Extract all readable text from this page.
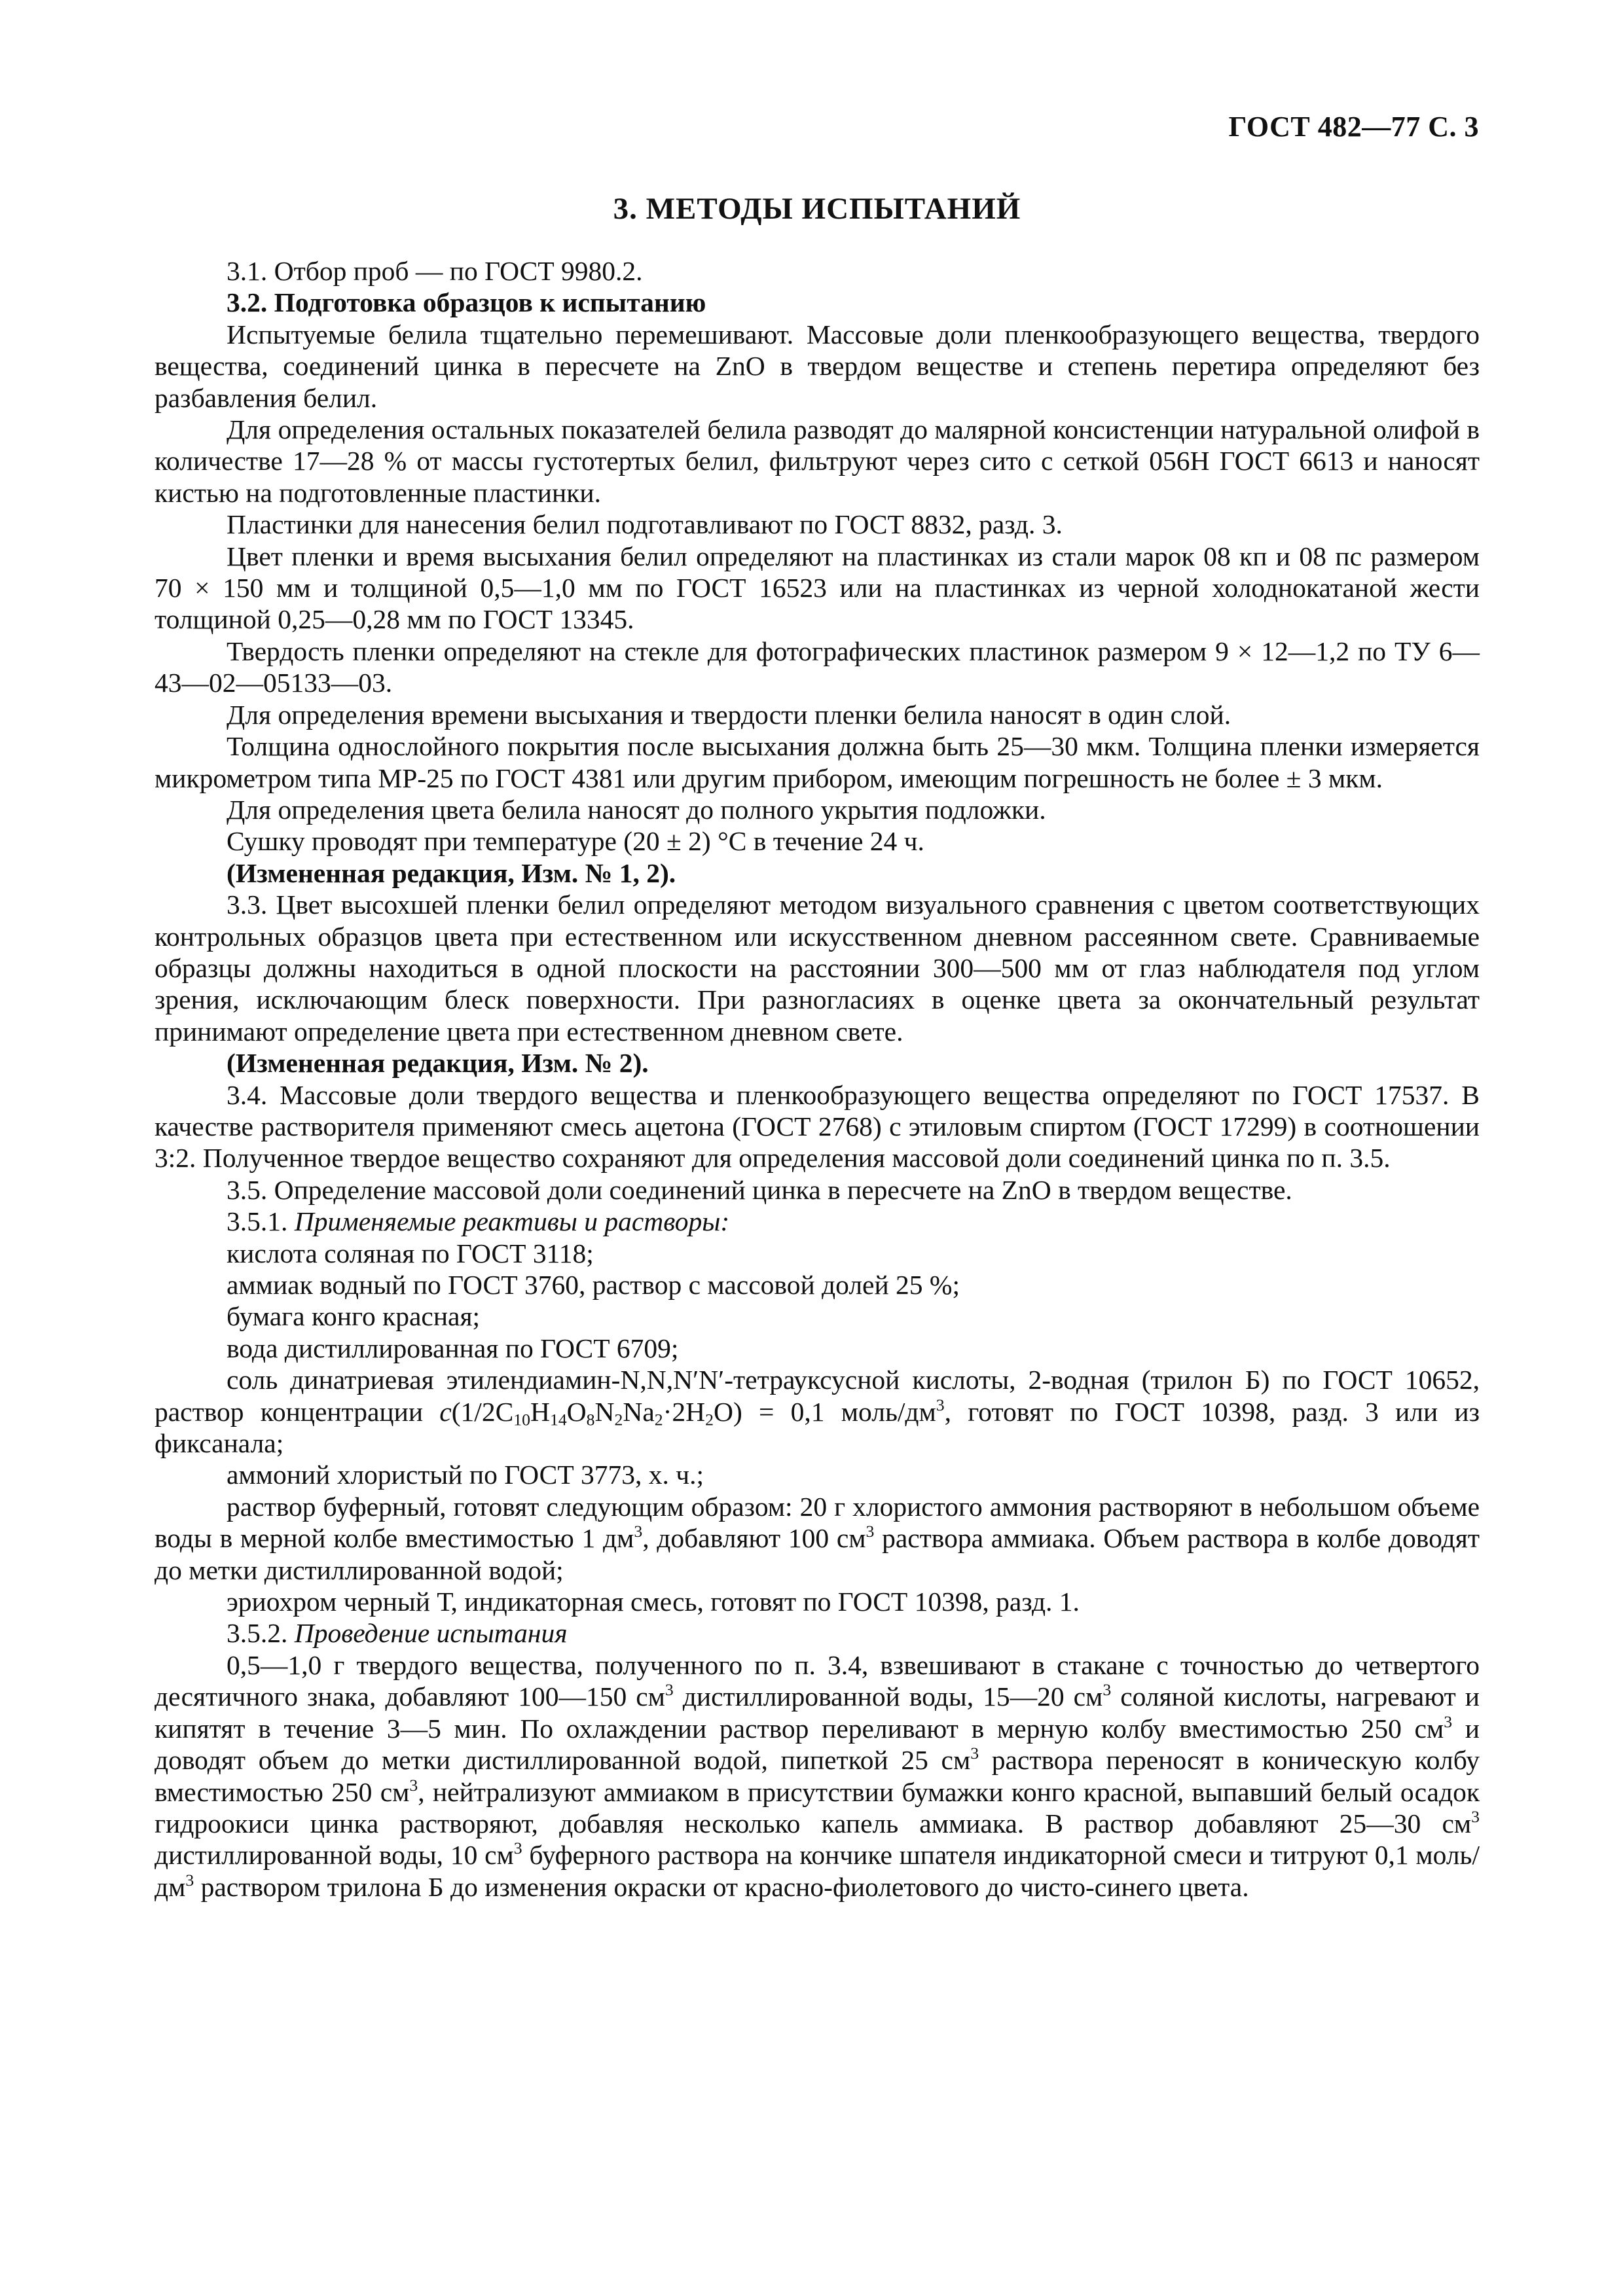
ГОСТ 482—77 С. 3
3. МЕТОДЫ ИСПЫТАНИЙ

3.1. Отбор проб — по ГОСТ 9980.2.

3.2. Подготовка образцов к испытанию

Испытуемые белила тщательно перемешивают. Массовые доли пленкообразующего вещества, твердого вещества, соединений цинка в пересчете на ZnO в твердом веществе и степень перетира определяют без разбавления белил.

Для определения остальных показателей белила разводят до малярной консистенции натуральной олифой в количестве 17—28 % от массы густотертых белил, фильтруют через сито с сеткой 056Н ГОСТ 6613 и наносят кистью на подготовленные пластинки.

Пластинки для нанесения белил подготавливают по ГОСТ 8832, разд. 3.

Цвет пленки и время высыхания белил определяют на пластинках из стали марок 08 кп и 08 пс размером 70 × 150 мм и толщиной 0,5—1,0 мм по ГОСТ 16523 или на пластинках из черной холоднокатаной жести толщиной 0,25—0,28 мм по ГОСТ 13345.

Твердость пленки определяют на стекле для фотографических пластинок размером 9 × 12—1,2 по ТУ 6—43—02—05133—03.

Для определения времени высыхания и твердости пленки белила наносят в один слой.

Толщина однослойного покрытия после высыхания должна быть 25—30 мкм. Толщина пленки измеряется микрометром типа МР-25 по ГОСТ 4381 или другим прибором, имеющим погрешность не более ± 3 мкм.

Для определения цвета белила наносят до полного укрытия подложки.

Сушку проводят при температуре (20 ± 2) °С в течение 24 ч.

(Измененная редакция, Изм. № 1, 2).

3.3. Цвет высохшей пленки белил определяют методом визуального сравнения с цветом соответствующих контрольных образцов цвета при естественном или искусственном дневном рассеянном свете. Сравниваемые образцы должны находиться в одной плоскости на расстоянии 300—500 мм от глаз наблюдателя под углом зрения, исключающим блеск поверхности. При разногласиях в оценке цвета за окончательный результат принимают определение цвета при естественном дневном свете.

(Измененная редакция, Изм. № 2).

3.4. Массовые доли твердого вещества и пленкообразующего вещества определяют по ГОСТ 17537. В качестве растворителя применяют смесь ацетона (ГОСТ 2768) с этиловым спиртом (ГОСТ 17299) в соотношении 3:2. Полученное твердое вещество сохраняют для определения массовой доли соединений цинка по п. 3.5.

3.5. Определение массовой доли соединений цинка в пересчете на ZnO в твердом веществе.

3.5.1. Применяемые реактивы и растворы:

кислота соляная по ГОСТ 3118;

аммиак водный по ГОСТ 3760, раствор с массовой долей 25 %;

бумага конго красная;

вода дистиллированная по ГОСТ 6709;

соль динатриевая этилендиамин-N,N,N′N′-тетрауксусной кислоты, 2-водная (трилон Б) по ГОСТ 10652, раствор концентрации $c(1/2C_{10}H_{14}O_8N_2Na_2\cdot 2H_2O) = 0,1$ моль/$дм^3$, готовят по ГОСТ 10398, разд. 3 или из фиксанала;

аммоний хлористый по ГОСТ 3773, х. ч.;

раствор буферный, готовят следующим образом: 20 г хлористого аммония растворяют в небольшом объеме воды в мерной колбе вместимостью 1 $дм^3$, добавляют 100 $см^3$ раствора аммиака. Объем раствора в колбе доводят до метки дистиллированной водой;

эриохром черный Т, индикаторная смесь, готовят по ГОСТ 10398, разд. 1.

3.5.2. Проведение испытания

0,5—1,0 г твердого вещества, полученного по п. 3.4, взвешивают в стакане с точностью до четвертого десятичного знака, добавляют 100—150 $см^3$ дистиллированной воды, 15—20 $см^3$ соляной кислоты, нагревают и кипятят в течение 3—5 мин. По охлаждении раствор переливают в мерную колбу вместимостью 250 $см^3$ и доводят объем до метки дистиллированной водой, пипеткой 25 $см^3$ раствора переносят в коническую колбу вместимостью 250 $см^3$, нейтрализуют аммиаком в присутствии бумажки конго красной, выпавший белый осадок гидроокиси цинка растворяют, добавляя несколько капель аммиака. В раствор добавляют 25—30 $см^3$ дистиллированной воды, 10 $см^3$ буферного раствора на кончике шпателя индикаторной смеси и титруют 0,1 моль/$дм^3$ раствором трилона Б до изменения окраски от красно-фиолетового до чисто-синего цвета.
